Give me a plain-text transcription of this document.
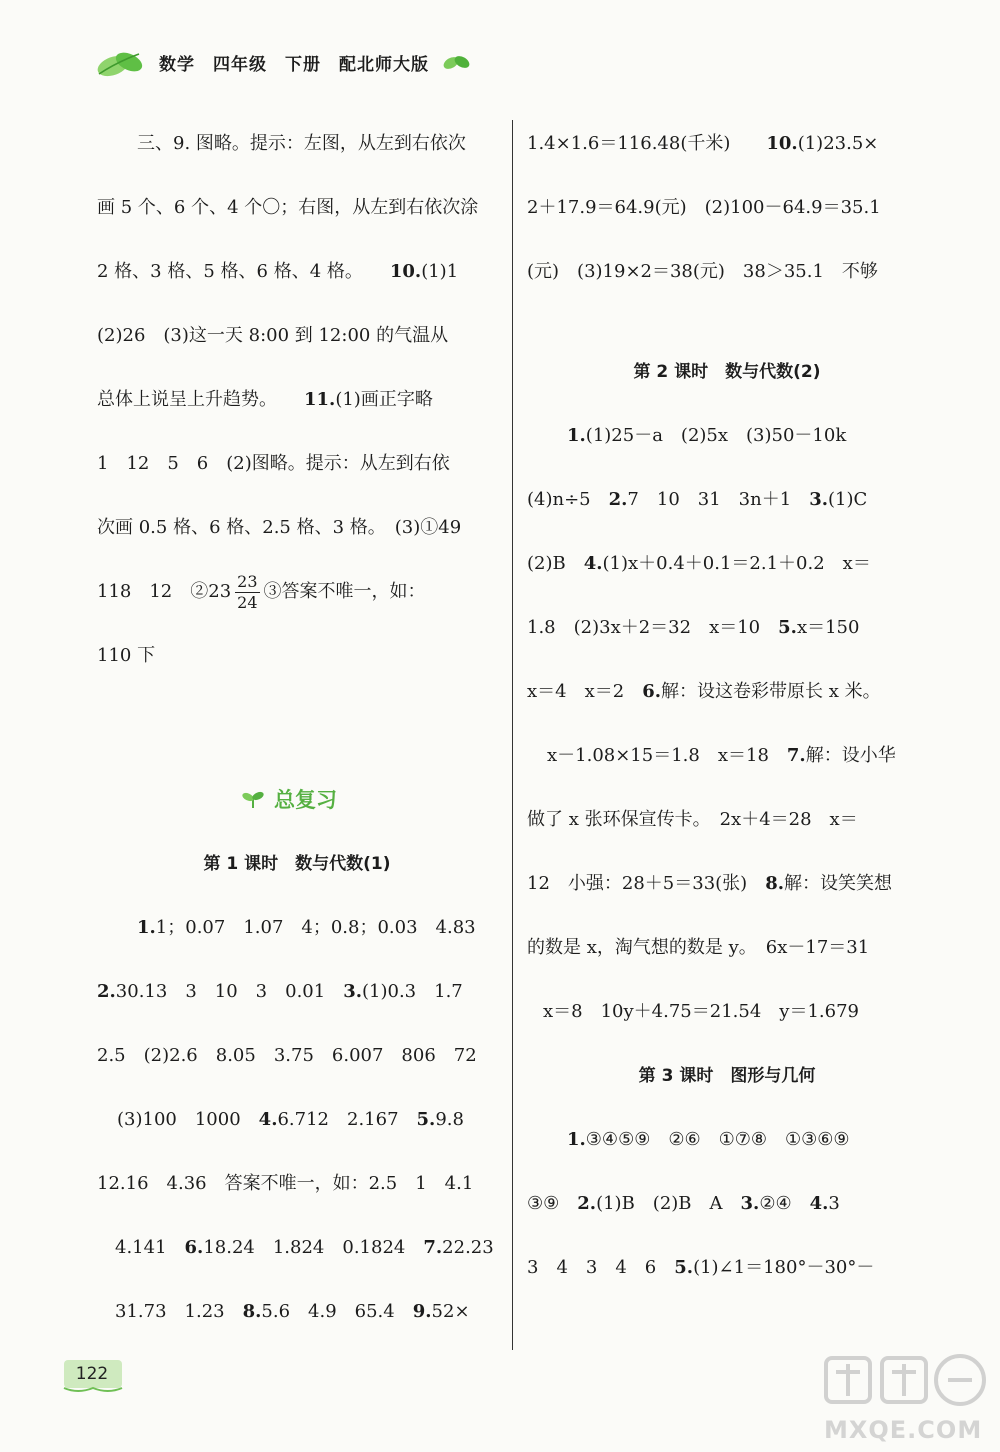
数学 四年级 下册 配北师大版
三、9. 图略。提示：左图，从左到右依次
画 5 个、6 个、4 个〇；右图，从左到右依次涂
2 格、3 格、5 格、6 格、4 格。　　 10.(1)1
(2)26　(3)这一天 8:00 到 12:00 的气温从
总体上说呈上升趋势。　　 11.(1)画正字略
1　12　5　6　(2)图略。提示：从左到右依
次画 0.5 格、6 格、2.5 格、3 格。　(3)①49
118　12　②23 $\frac{23}{24}$ ③答案不唯一，如：
110 下
总复习
第 1 课时　数与代数(1)
1.1；0.07　1.07　4；0.8；0.03　4.83
2.30.13　3　10　3　0.01　 3.(1)0.3　1.7
2.5　(2)2.6　8.05　3.75　6.007　806　72
(3)100　1000　 4.6.712　2.167　 5.9.8
12.16　4.36　答案不唯一，如：2.5　1　4.1
4.141　 6.18.24　1.824　0.1824　 7.22.23
31.73　1.23　 8.5.6　4.9　65.4　 9.52×
1.4×1.6＝116.48(千米)　　 10.(1)23.5×
2＋17.9＝64.9(元)　(2)100－64.9＝35.1
(元)　(3)19×2＝38(元)　38＞35.1　不够
第 2 课时　数与代数(2)
1.(1)25－a　(2)5x　(3)50－10k
(4)n÷5　 2.7　10　31　3n＋1　 3.(1)C
(2)B　 4.(1)x＋0.4＋0.1＝2.1＋0.2　x＝
1.8　(2)3x＋2＝32　x＝10　 5.x＝150
x＝4　x＝2　 6.解：设这卷彩带原长 x 米。
x－1.08×15＝1.8　x＝18　 7.解：设小华
做了 x 张环保宣传卡。　2x＋4＝28　x＝
12　小强：28＋5＝33(张)　 8.解：设笑笑想
的数是 x，淘气想的数是 y。　6x－17＝31
x＝8　10y＋4.75＝21.54　y＝1.679
第 3 课时　图形与几何
1.③④⑤⑨　②⑥　①⑦⑧　①③⑥⑨
③⑨　 2.(1)B　(2)B　A　 3.②④　 4.3
3　4　3　4　6　 5.(1)∠1＝180°－30°－
122
MXQE.COM
